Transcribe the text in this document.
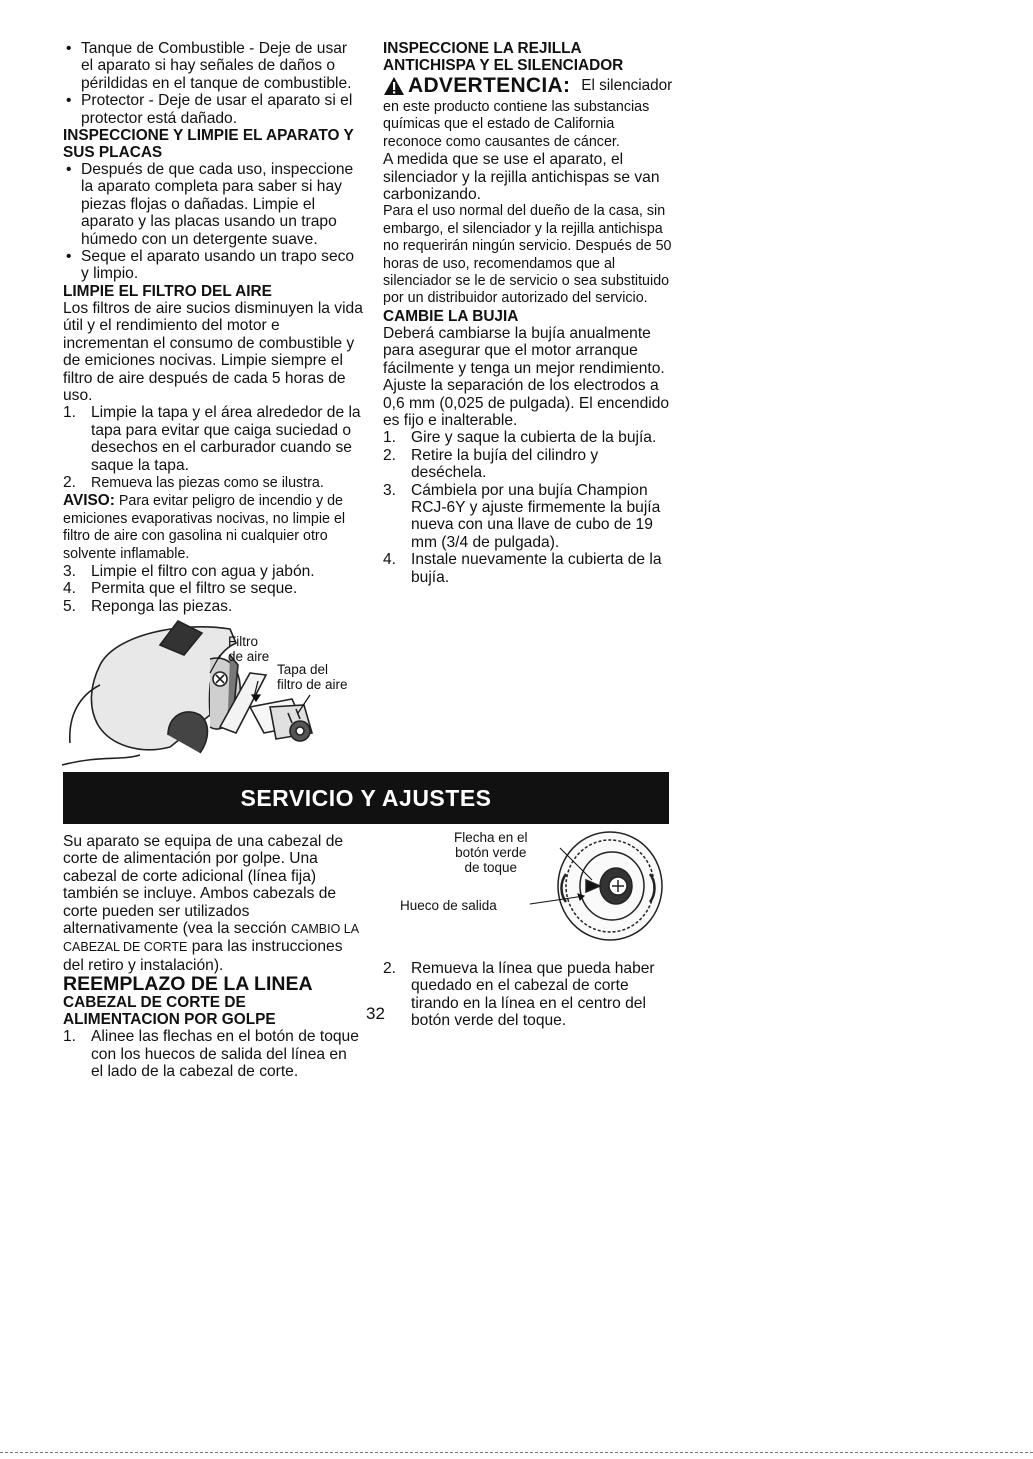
• Tanque de Combustible - Deje de usar el aparato si hay señales de daños o périldidas en el tanque de combustible.
• Protector - Deje de usar el aparato si el protector está dañado.

INSPECCIONE Y LIMPIE EL APARATO Y SUS PLACAS

• Después de que cada uso, inspeccione la aparato completa para saber si hay piezas flojas o dañadas. Limpie el aparato y las placas usando un trapo húmedo con un detergente suave.
• Seque el aparato usando un trapo seco y limpio.

LIMPIE EL FILTRO DEL AIRE

Los filtros de aire sucios disminuyen la vida útil y el rendimiento del motor e incrementan el consumo de combustible y de emiciones nocivas. Limpie siempre el filtro de aire después de cada 5 horas de uso.

1. Limpie la tapa y el área alrededor de la tapa para evitar que caiga suciedad o desechos en el carburador cuando se saque la tapa.
2. Remueva las piezas como se ilustra.

AVISO: Para evitar peligro de incendio y de emiciones evaporativas nocivas, no limpie el filtro de aire con gasolina ni cualquier otro solvente inflamable.

3. Limpie el filtro con agua y jabón.
4. Permita que el filtro se seque.
5. Reponga las piezas.
Filtro
de aire
Tapa del
filtro de aire

INSPECCIONE LA REJILLA ANTICHISPA Y EL SILENCIADOR

ADVERTENCIA: El silenciador

en este producto contiene las substancias químicas que el estado de California reconoce como causantes de cáncer.

A medida que se use el aparato, el silenciador y la rejilla antichispas se van carbonizando.

Para el uso normal del dueño de la casa, sin embargo, el silenciador y la rejilla antichispa no requerirán ningún servicio. Después de 50 horas de uso, recomendamos que al silenciador se le de servicio o sea substituido por un distribuidor autorizado del servicio.

CAMBIE LA BUJIA

Deberá cambiarse la bujía anualmente para asegurar que el motor arranque fácilmente y tenga un mejor rendimiento. Ajuste la separación de los electrodos a 0,6 mm (0,025 de pulgada). El encendido es fijo e inalterable.

1. Gire y saque la cubierta de la bujía.
2. Retire la bujía del cilindro y deséchela.
3. Cámbiela por una bujía Champion RCJ-6Y y ajuste firmemente la bujía nueva con una llave de cubo de 19 mm (3/4 de pulgada).
4. Instale nuevamente la cubierta de la bujía.
SERVICIO Y AJUSTES

Su aparato se equipa de una cabezal de corte de alimentación por golpe. Una cabezal de corte adicional (línea fija) también se incluye. Ambos cabezals de corte pueden ser utilizados alternativamente (vea la sección CAMBIO LA CABEZAL DE CORTE para las instrucciones del retiro y instalación).

REEMPLAZO DE LA LINEA

CABEZAL DE CORTE DE ALIMENTACION POR GOLPE

1. Alinee las flechas en el botón de toque con los huecos de salida del línea en el lado de la cabezal de corte.
Flecha en el
botón verde
de toque
Hueco de salida
2. Remueva la línea que pueda haber quedado en el cabezal de corte tirando en la línea en el centro del botón verde del toque.
32
